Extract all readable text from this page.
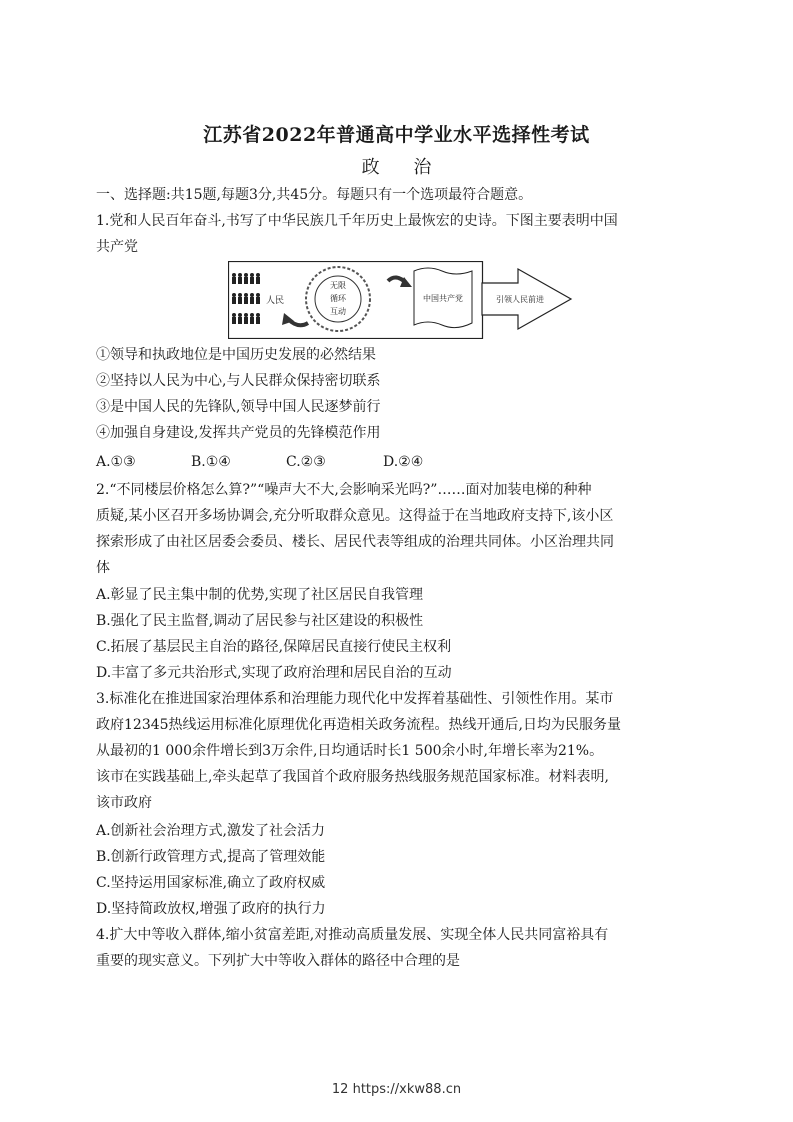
江苏省2022年普通高中学业水平选择性考试
政 治
一、选择题:共15题,每题3分,共45分。每题只有一个选项最符合题意。
1.党和人民百年奋斗,书写了中华民族几千年历史上最恢宏的史诗。下图主要表明中国
共产党
人民
无限
循环
互动
中国共产党	引领人民前进
①领导和执政地位是中国历史发展的必然结果
②坚持以人民为中心,与人民群众保持密切联系
③是中国人民的先锋队,领导中国人民逐梦前行
④加强自身建设,发挥共产党员的先锋模范作用
A.①③	B.①④	C.②③	D.②④
2.“不同楼层价格怎么算?”“噪声大不大,会影响采光吗?”……面对加装电梯的种种
质疑,某小区召开多场协调会,充分听取群众意见。这得益于在当地政府支持下,该小区
探索形成了由社区居委会委员、楼长、居民代表等组成的治理共同体。小区治理共同
体
A.彰显了民主集中制的优势,实现了社区居民自我管理
B.强化了民主监督,调动了居民参与社区建设的积极性
C.拓展了基层民主自治的路径,保障居民直接行使民主权利
D.丰富了多元共治形式,实现了政府治理和居民自治的互动
3.标准化在推进国家治理体系和治理能力现代化中发挥着基础性、引领性作用。某市
政府12345热线运用标准化原理优化再造相关政务流程。热线开通后,日均为民服务量
从最初的1 000余件增长到3万余件,日均通话时长1 500余小时,年增长率为21%。
该市在实践基础上,牵头起草了我国首个政府服务热线服务规范国家标准。材料表明,
该市政府
A.创新社会治理方式,激发了社会活力
B.创新行政管理方式,提高了管理效能
C.坚持运用国家标准,确立了政府权威
D.坚持简政放权,增强了政府的执行力
4.扩大中等收入群体,缩小贫富差距,对推动高质量发展、实现全体人民共同富裕具有
重要的现实意义。下列扩大中等收入群体的路径中合理的是
12 https://xkw88.cn
